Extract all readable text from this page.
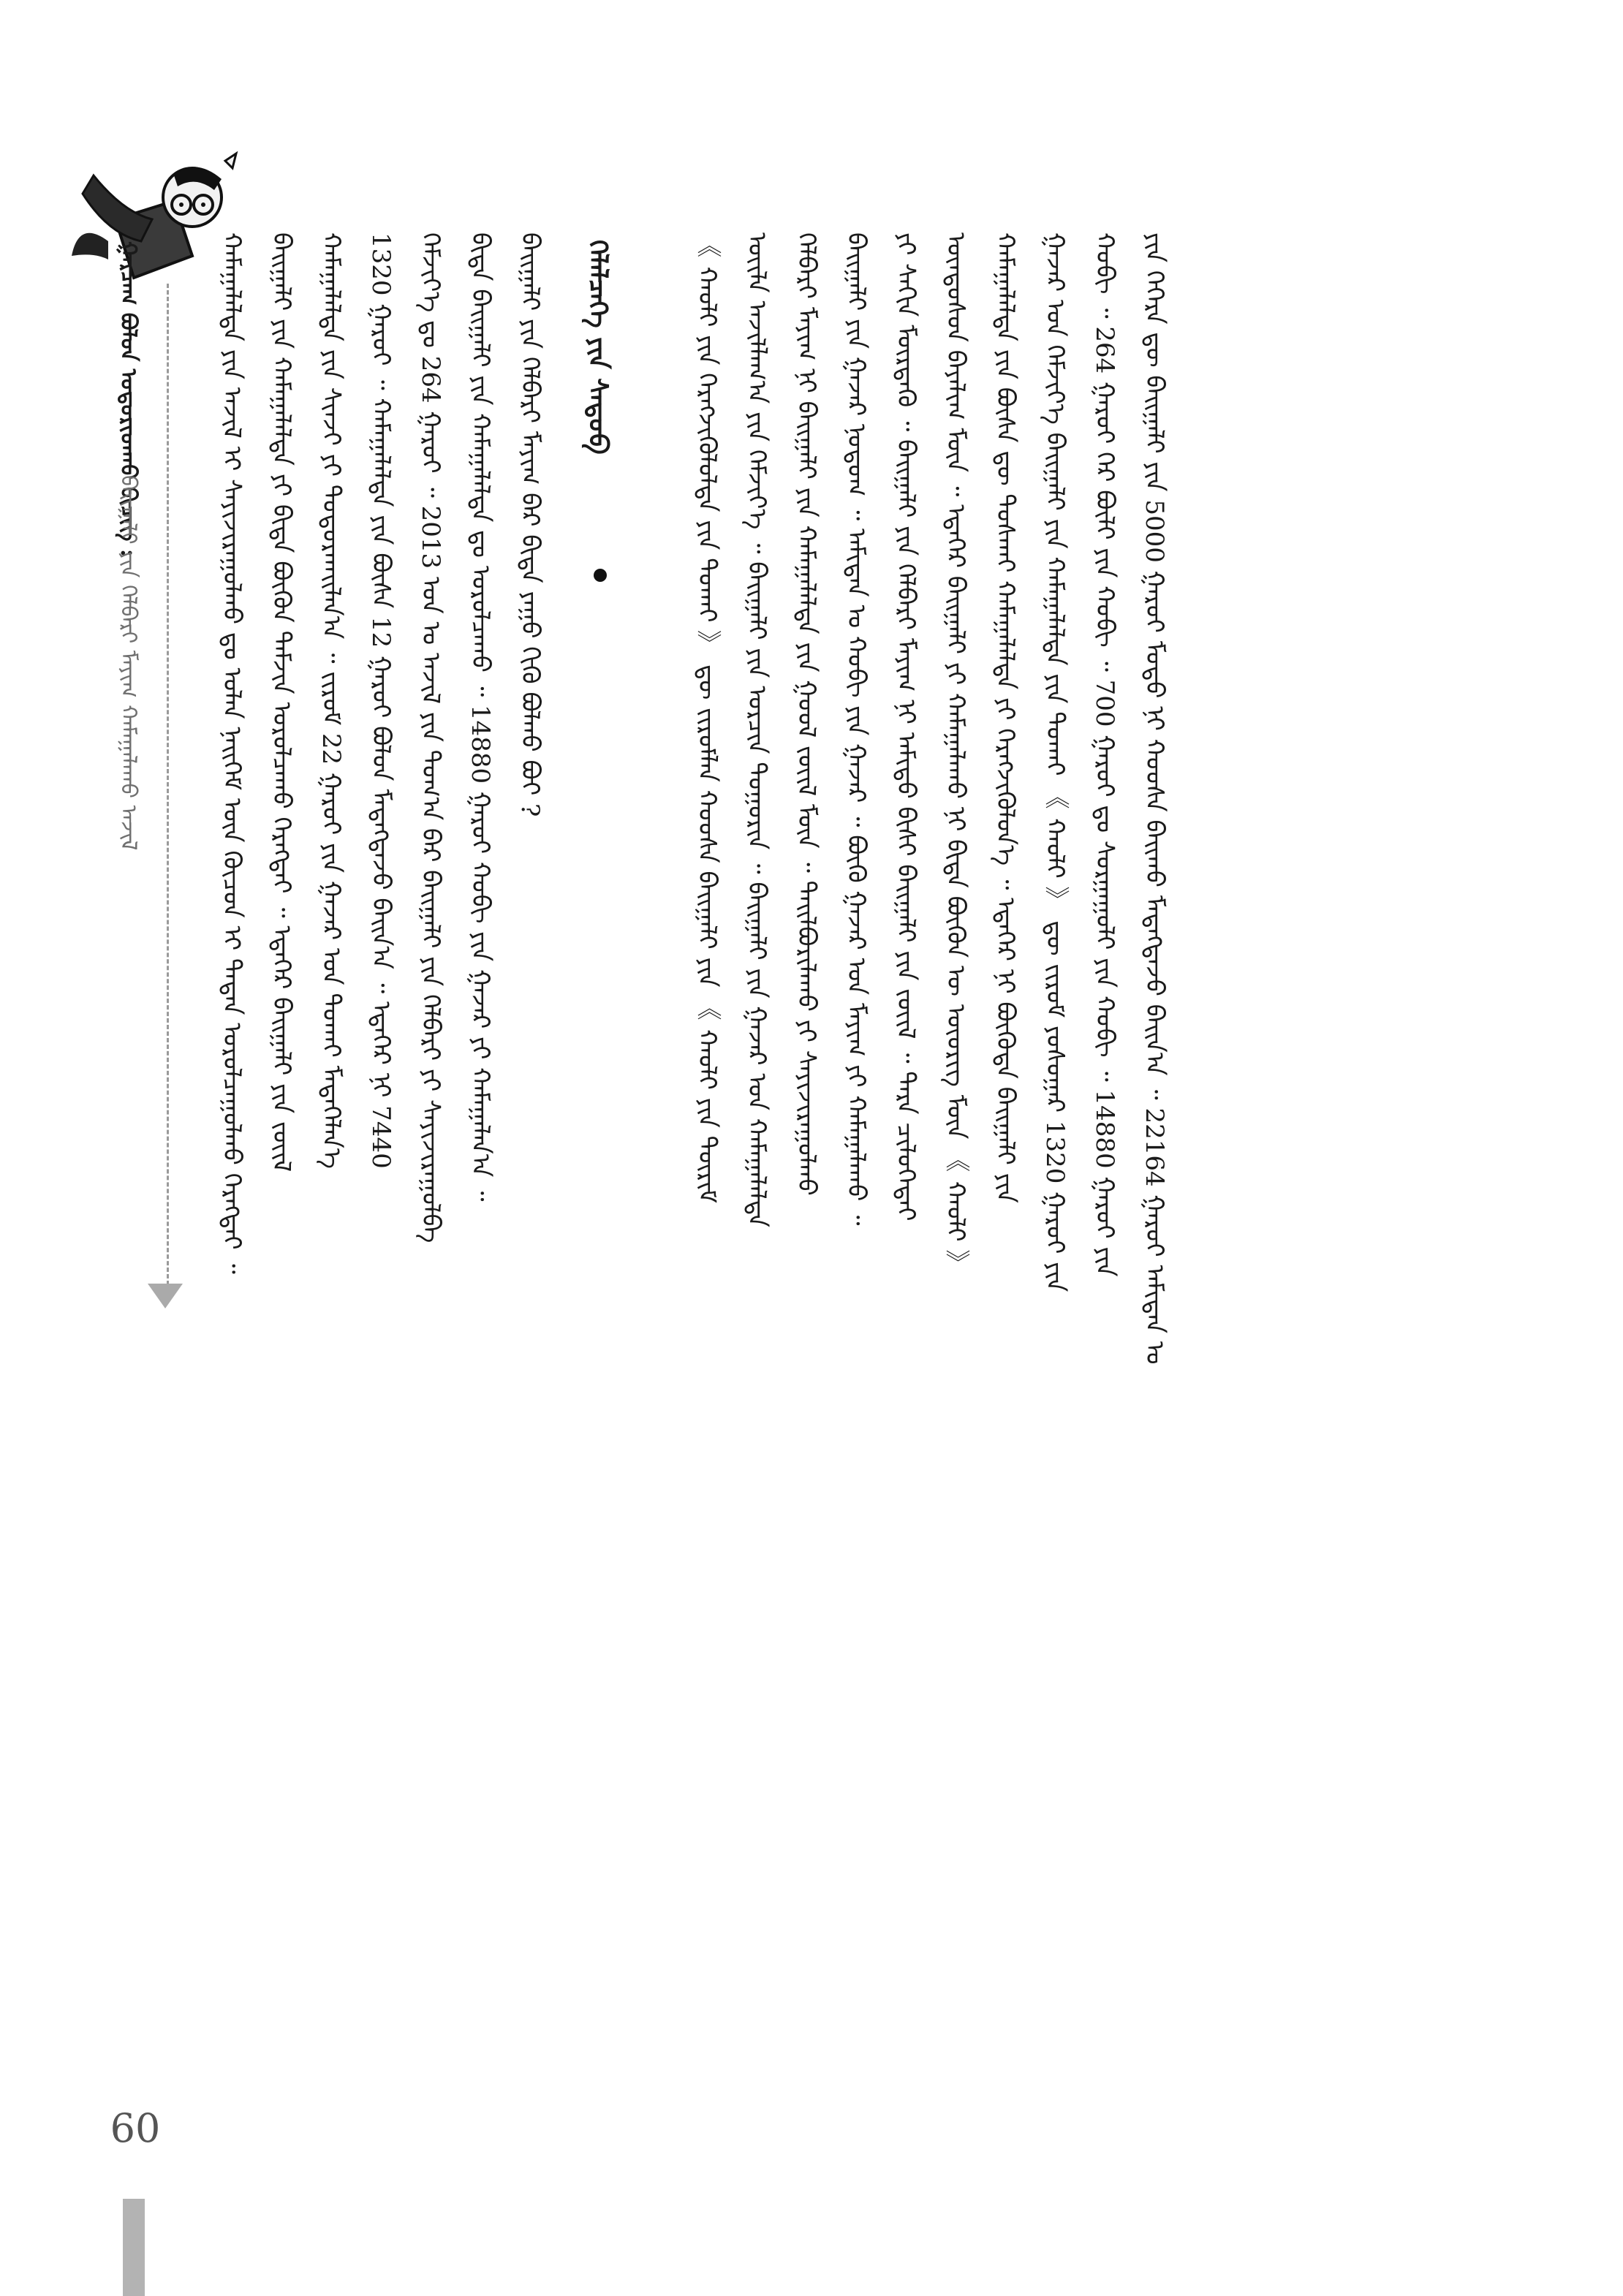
ᠭᠠᠷᠴᠠᠭ ᠪᠣᠯᠤᠨ ᠤᠳᠤᠷᠢᠳᠬᠤ ᠪᠢᠴᠢᠭ :
ᠪᠠᠢᠭᠠᠯᠢ ᠶᠢᠨ ᠬᠡᠯᠪᠡᠷᠢ ᠮᠠᠶᠢᠭ ᠬᠠᠮᠠᠭᠠᠯᠠᠬᠤ ᠠᠵᠢᠯ	ᠬᠠᠮᠠᠭᠠᠯᠠᠯᠲᠠ ᠶᠢᠨ ᠠᠵᠢᠯ ᠢ ᠰᠠᠶᠢᠵᠢᠷᠠᠭᠤᠯᠬᠤ ᠳᠤ ᠣᠯᠠᠨ ᠨᠡᠢᠭᠡᠮ ᠦᠨ ᠬᠦᠴᠦᠨ ᠢ ᠲᠠᠲᠠᠨ ᠣᠷᠤᠯᠴᠠᠭᠤᠯᠬᠤ ᠬᠡᠷᠡᠭᠲᠡᠢ ᠃ ᠪᠠᠢᠭᠠᠯᠢ ᠶᠢᠨ ᠬᠠᠮᠠᠭᠠᠯᠠᠯᠲᠠ ᠶᠢ ᠪᠢᠳᠡ ᠪᠦᠬᠦᠨ ᠳᠡᠮᠵᠢᠨ ᠣᠷᠤᠯᠴᠠᠬᠤ ᠬᠡᠷᠡᠭᠲᠡᠢ ᠃ ᠡᠳᠡᠭᠡᠷ ᠪᠠᠢᠭᠠᠯᠢ ᠶᠢᠨ ᠵᠦᠢᠯ ᠬᠠᠮᠠᠭᠠᠯᠠᠯᠲᠠ ᠶᠢᠨ ᠰᠢᠨᠵᠢ ᠶᠢ ᠲᠣᠳᠤᠷᠬᠠᠢᠯᠠᠨ᠎ᠠ ᠃ ᠵᠢᠷᠤᠮ 22 ᠭᠠᠷᠤᠢ ᠶᠢᠨ ᠭᠠᠵᠠᠷ ᠤᠨ ᠲᠤᠬᠠᠢ ᠮᠡᠳᠡᠭᠡᠯᠡᠨ᠎ᠡ 1320 ᠭᠠᠷᠤᠢ ᠃ ᠬᠠᠮᠠᠭᠠᠯᠠᠯᠲᠠ ᠶᠢᠨ ᠪᠦᠰᠡ 12 ᠭᠠᠷᠤᠢ ᠪᠣᠯᠤᠨ ᠮᠡᠳᠡᠭᠳᠡᠵᠦ ᠪᠠᠢᠨ᠎ᠠ ᠃ ᠡᠳᠡᠭᠡᠷ ᠨᠢ 7440 ᠬᠡᠮᠵᠢᠶ᠎ᠡ ᠳᠤ 264 ᠭᠠᠷᠤᠢ ᠃ 2013 ᠣᠨ ᠤ ᠠᠵᠢᠯ ᠶᠢᠨ ᠲᠣᠭ᠎ᠠ ᠪᠠᠷ ᠪᠠᠢᠭᠠᠯᠢ ᠶᠢᠨ ᠬᠡᠯᠪᠡᠷᠢ ᠶᠢ ᠰᠠᠶᠢᠵᠢᠷᠠᠭᠤᠯᠪᠠ ᠪᠢᠳᠡ ᠪᠠᠢᠭᠠᠯᠢ ᠶᠢᠨ ᠬᠠᠮᠠᠭᠠᠯᠠᠯᠲᠠ ᠳᠤ ᠣᠷᠤᠯᠴᠠᠬᠤ ᠃ 14880 ᠭᠠᠷᠤᠢ ᠬᠤᠪᠢ ᠶᠢᠨ ᠭᠠᠵᠠᠷ ᠶᠢ ᠬᠠᠮᠠᠭᠠᠯᠠᠨ᠎ᠠ ᠃ ᠪᠠᠢᠭᠠᠯᠢ ᠶᠢᠨ ᠬᠡᠯᠪᠡᠷᠢ ᠮᠠᠶᠢᠭ ᠪᠠᠷ ᠪᠢᠳᠡ ᠶᠠᠭᠤ ᠬᠢᠬᠦ ᠪᠣᠯᠬᠤ ᠪᠤᠢ ? ᠬᠡᠯᠡᠯᠴᠡᠭᠡ ᠶᠢᠨ ᠰᠡᠳᠦᠪ	《 ᠬᠠᠤᠯᠢ ᠶᠢᠨ ᠬᠡᠷᠡᠭᠵᠢᠭᠦᠯᠦᠯᠲᠡ ᠶᠢᠨ ᠲᠤᠬᠠᠢ 》 ᠳᠦ ᠵᠢᠷᠤᠮᠯᠠᠨ ᠬᠣᠣᠰᠠ ᠪᠠᠢᠭᠠᠯᠢ ᠶᠢᠨ 《 ᠬᠠᠤᠯᠢ ᠶᠢᠨ ᠳᠦᠷᠢᠮ ᠦᠢᠯᠡ ᠠᠵᠢᠯᠯᠠᠭ᠎ᠠ ᠶᠢᠨ ᠬᠡᠮᠵᠢᠶ᠎ᠡ ᠃ ᠪᠠᠢᠭᠠᠯᠢ ᠶᠢᠨ ᠣᠷᠴᠢᠨ ᠲᠣᠭᠣᠷᠢᠨ ᠃ ᠪᠠᠢᠭᠠᠯᠢ ᠶᠢᠨ ᠭᠠᠵᠠᠷ ᠤᠨ ᠬᠠᠮᠠᠭᠠᠯᠠᠯᠲᠠ ᠬᠡᠯᠪᠡᠷᠢ ᠮᠠᠶᠢᠭ ᠨᠢ ᠪᠠᠢᠭᠠᠯᠢ ᠶᠢᠨ ᠬᠠᠮᠠᠭᠠᠯᠠᠯᠲᠠ ᠶᠢᠨ ᠭᠣᠣᠯ ᠵᠦᠢᠯ ᠮᠥᠨ ᠃ ᠲᠠᠢᠯᠪᠤᠷᠢᠯᠠᠬᠤ ᠶᠢ ᠰᠠᠶᠢᠵᠢᠷᠠᠭᠤᠯᠬᠤ ᠪᠠᠢᠭᠠᠯᠢ ᠶᠢᠨ ᠭᠠᠵᠠᠷ ᠨᠤᠲᠤᠭ ᠃ ᠠᠮᠢᠲᠠᠨ ᠤ ᠬᠤᠪᠢ ᠶᠢᠨ ᠭᠠᠵᠠᠷ ᠃ ᠪᠦᠬᠦ ᠭᠠᠵᠠᠷ ᠤᠨ ᠮᠠᠶᠢᠭ ᠶᠢ ᠬᠠᠮᠠᠭᠠᠯᠠᠬᠤ ᠃ ᠶᠢ ᠰᠠᠬᠢᠨ ᠮᠥᠷᠳᠡᠭᠦ ᠃ ᠪᠠᠢᠭᠠᠯᠢ ᠶᠢᠨ ᠬᠡᠯᠪᠡᠷᠢ ᠮᠠᠶᠢᠭ ᠨᠢ ᠠᠮᠢᠳᠤ ᠪᠢᠰᠢ ᠪᠠᠢᠭᠠᠯᠢ ᠶᠢᠨ ᠵᠦᠢᠯ ᠃ ᠲᠡᠷᠡ ᠴᠢᠯᠦᠭᠡᠲᠡᠢ ᠦᠨᠳᠦᠰᠦᠨ ᠪᠠᠶᠠᠯᠢᠭ ᠮᠥᠨ ᠃ ᠡᠳᠡᠭᠡᠷ ᠪᠠᠢᠭᠠᠯᠢ ᠶᠢ ᠬᠠᠮᠠᠭᠠᠯᠠᠬᠤ ᠨᠢ ᠪᠢᠳᠡ ᠪᠦᠬᠦᠨ ᠦ ᠦᠦᠷᠢᠭ ᠮᠥᠨ 《 ᠬᠠᠤᠯᠢ 》 ᠬᠠᠮᠠᠭᠠᠯᠠᠯᠲᠠ ᠶᠢᠨ ᠪᠦᠰᠡ ᠳᠦ ᠲᠤᠰᠬᠠᠢ ᠬᠠᠮᠠᠭᠠᠯᠠᠯᠲᠠ ᠶᠢ ᠬᠡᠷᠡᠭᠵᠢᠭᠦᠯᠦᠨ᠎ᠡ ᠃ ᠡᠳᠡᠭᠡᠷ ᠨᠢ ᠪᠦᠭᠦᠳᠡ ᠪᠠᠢᠭᠠᠯᠢ ᠶᠢᠨ ᠭᠠᠵᠠᠷ ᠤᠨ ᠬᠡᠮᠵᠢᠶ᠎ᠡ ᠪᠠᠢᠭᠠᠯᠢ ᠶᠢᠨ ᠬᠠᠮᠠᠭᠠᠯᠠᠯᠲᠠ ᠶᠢᠨ ᠲᠤᠬᠠᠢ 《 ᠬᠠᠤᠯᠢ 》 ᠳᠦ ᠵᠢᠷᠤᠮ ᠶᠣᠰᠣᠭᠠᠷ 1320 ᠭᠠᠷᠤᠢ ᠶᠢᠨ ᠬᠤᠪᠢ ᠃ 264 ᠭᠠᠷᠤᠢ ᠭᠡᠷ ᠪᠦᠯᠢ ᠶᠢᠨ ᠬᠤᠪᠢ ᠃ 700 ᠭᠠᠷᠤᠢ ᠳᠤ ᠰᠤᠷᠭᠠᠭᠤᠯᠢ ᠶᠢᠨ ᠬᠤᠪᠢ ᠃ 14880 ᠭᠠᠷᠤᠢ ᠶᠢᠨ ᠶᠢᠨ ᠬᠡᠭᠡᠷᠡ ᠳᠦ ᠪᠠᠢᠭᠠᠯᠢ ᠶᠢᠨ 5000 ᠭᠠᠷᠤᠢ ᠮᠣᠳᠤ ᠨᠢ ᠬᠣᠣᠰᠠ ᠪᠠᠢᠬᠤ ᠮᠡᠳᠡᠭᠳᠡᠵᠦ ᠪᠠᠢᠨ᠎ᠠ ᠃ 22164 ᠭᠠᠷᠤᠢ ᠠᠮᠢᠲᠠᠨ ᠤ
60
